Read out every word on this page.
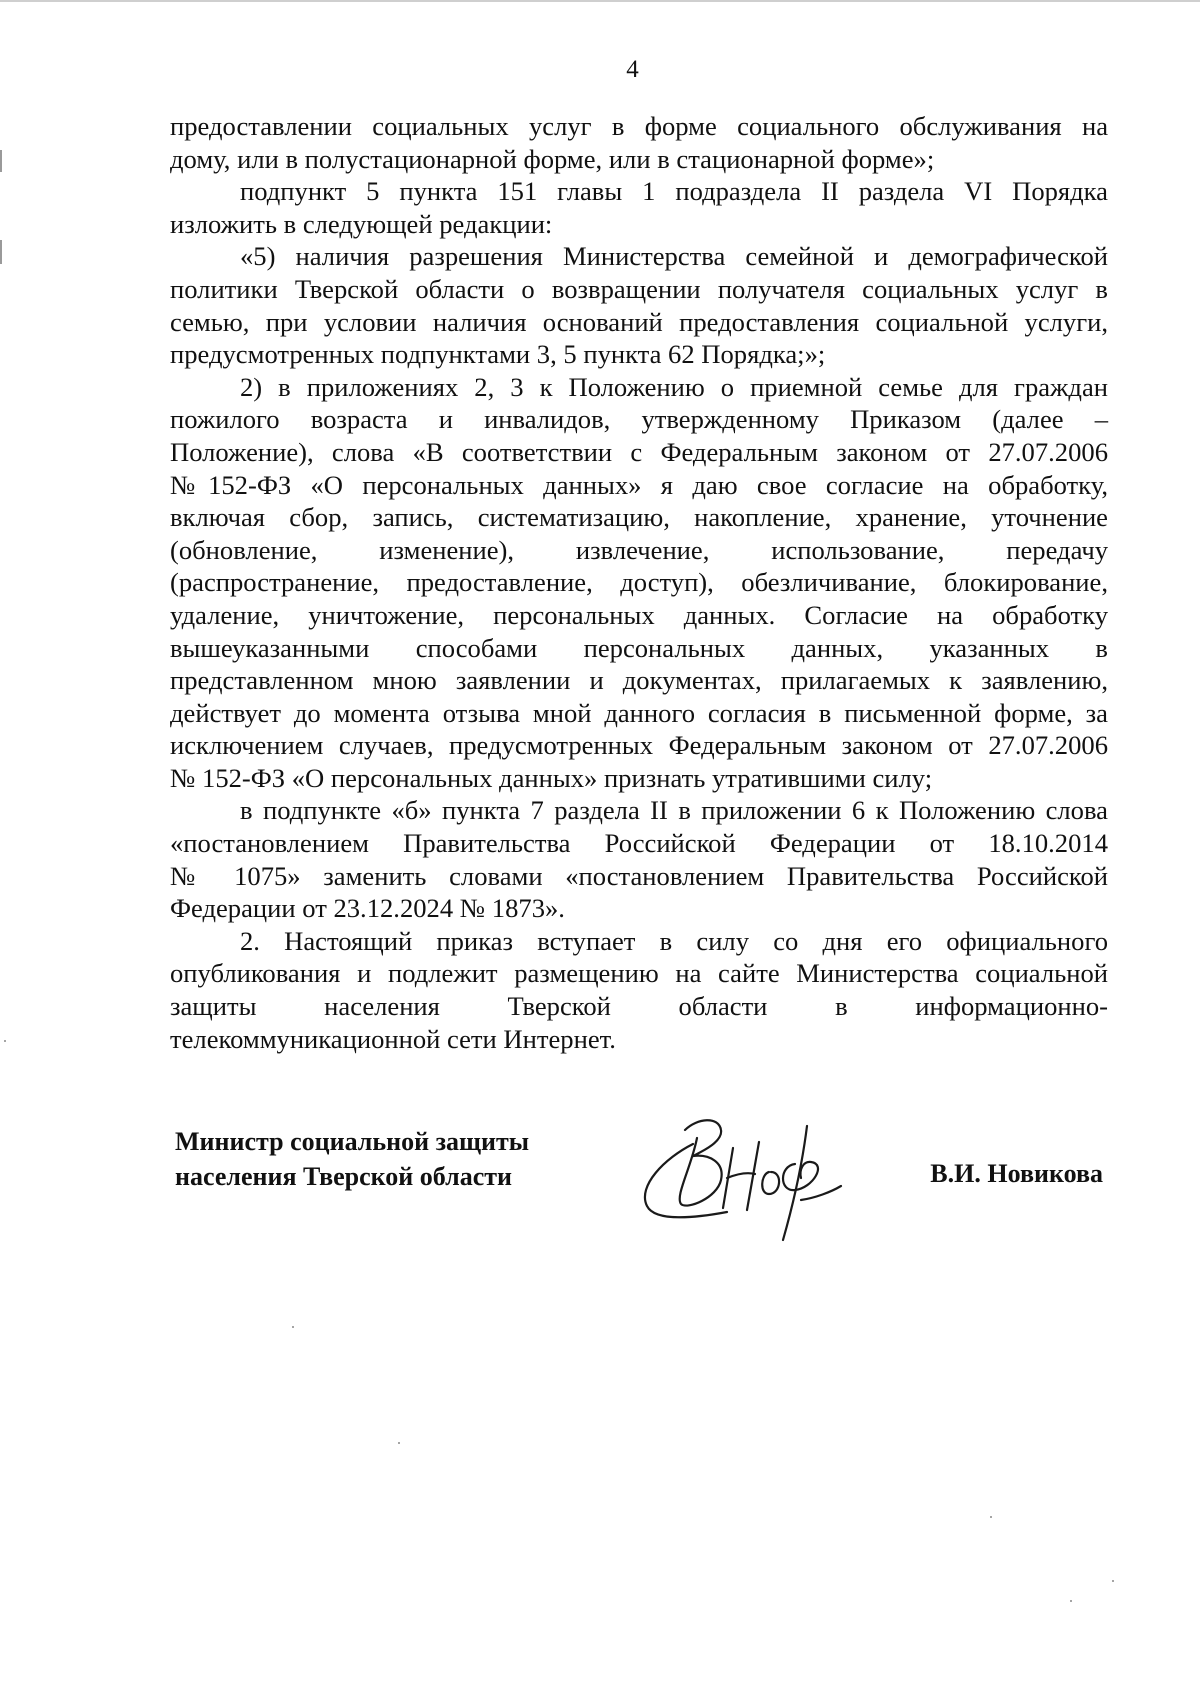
4

предоставлении социальных услуг в форме социального обслуживания на
дому, или в полустационарной форме, или в стационарной форме»;

подпункт 5 пункта 151 главы 1 подраздела II раздела VI Порядка
изложить в следующей редакции:

«5) наличия разрешения Министерства семейной и демографической
политики Тверской области о возвращении получателя социальных услуг в
семью, при условии наличия оснований предоставления социальной услуги,
предусмотренных подпунктами 3, 5 пункта 62 Порядка;»;

2) в приложениях 2, 3 к Положению о приемной семье для граждан
пожилого возраста и инвалидов, утвержденному Приказом (далее –
Положение), слова «В соответствии с Федеральным законом от 27.07.2006
№152-ФЗ «О персональных данных» я даю свое согласие на обработку,
включая сбор, запись, систематизацию, накопление, хранение, уточнение
(обновление, изменение), извлечение, использование, передачу
(распространение, предоставление, доступ), обезличивание, блокирование,
удаление, уничтожение, персональных данных. Согласие на обработку
вышеуказанными способами персональных данных, указанных в
представленном мною заявлении и документах, прилагаемых к заявлению,
действует до момента отзыва мной данного согласия в письменной форме, за
исключением случаев, предусмотренных Федеральным законом от 27.07.2006
№ 152-ФЗ «О персональных данных» признать утратившими силу;

в подпункте «б» пункта 7 раздела II в приложении 6 к Положению слова
«постановлением Правительства Российской Федерации от 18.10.2014
№ 1075» заменить словами «постановлением Правительства Российской
Федерации от 23.12.2024 № 1873».

2. Настоящий приказ вступает в силу со дня его официального
опубликования и подлежит размещению на сайте Министерства социальной
защиты населения Тверской области в информационно-
телекоммуникационной сети Интернет.

Министр социальной защиты
населения Тверской области	В.И. Новикова
